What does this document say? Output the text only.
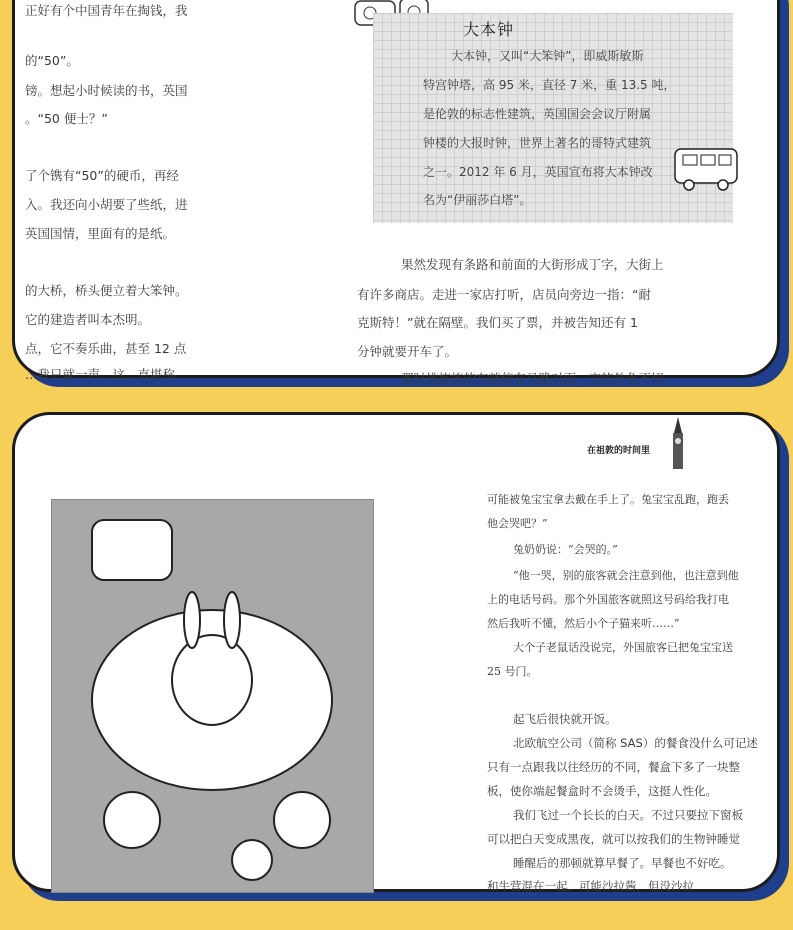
正好有个中国青年在掏钱，我
的“50”。
镑。想起小时候读的书，英国
。“50 便士？”
了个镌有“50”的硬币，再经
入。我还向小胡要了些纸，进
英国国情，里面有的是纸。
的大桥，桥头便立着大笨钟。
它的建造者叫本杰明。
点，它不奏乐曲，甚至 12 点
…我只就一声，这…直堪称
大本钟
大本钟，又叫“大笨钟”，即威斯敏斯
特宫钟塔，高 95 米，直径 7 米，重 13.5 吨，
是伦敦的标志性建筑，英国国会会议厅附属
钟楼的大报时钟，世界上著名的哥特式建筑
之一。2012 年 6 月，英国宣布将大本钟改
名为“伊丽莎白塔”。
果然发现有条路和前面的大街形成丁字，大街上
有许多商店。走进一家店打听，店员向旁边一指：“耐
克斯特！”就在隔壁。我们买了票，并被告知还有 1
分钟就要开车了。
那时挑拣拣的车就停在马路对面，它的外色不切
在祖敦的时间里
可能被兔宝宝拿去戴在手上了。兔宝宝乱跑，跑丢
他会哭吧？”
兔奶奶说：“会哭的。”
“他一哭，别的旅客就会注意到他，也注意到他
上的电话号码。那个外国旅客就照这号码给我打电
然后我听不懂，然后小个子猫来听……”
大个子老鼠话没说完，外国旅客已把兔宝宝送
25 号门。
起飞后很快就开饭。
北欧航空公司（简称 SAS）的餐食没什么可记述
只有一点跟我以往经历的不同，餐盒下多了一块整
板，使你端起餐盒时不会烫手，这挺人性化。
我们飞过一个长长的白天。不过只要拉下窗板
可以把白天变成黑夜，就可以按我们的生物钟睡觉
睡醒后的那顿就算早餐了。早餐也不好吃。
和牛营混在一起，可能沙拉酱，但没沙拉
